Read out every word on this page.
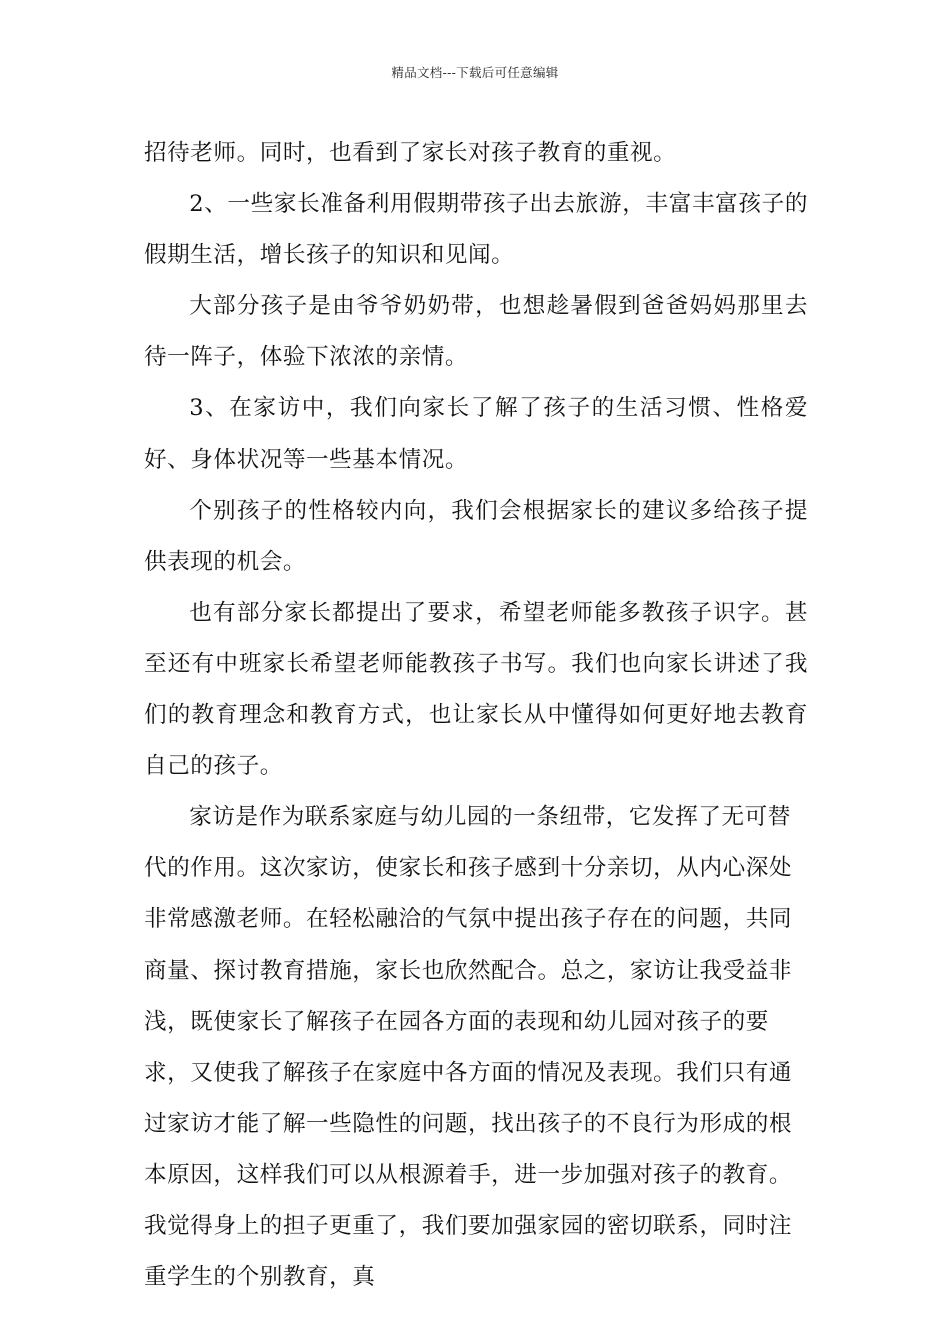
精品文档---下载后可任意编辑

招待老师。同时，也看到了家长对孩子教育的重视。

2、一些家长准备利用假期带孩子出去旅游，丰富丰富孩子的假期生活，增长孩子的知识和见闻。

大部分孩子是由爷爷奶奶带，也想趁暑假到爸爸妈妈那里去待一阵子，体验下浓浓的亲情。

3、在家访中，我们向家长了解了孩子的生活习惯、性格爱好、身体状况等一些基本情况。

个别孩子的性格较内向，我们会根据家长的建议多给孩子提供表现的机会。

也有部分家长都提出了要求，希望老师能多教孩子识字。甚至还有中班家长希望老师能教孩子书写。我们也向家长讲述了我们的教育理念和教育方式，也让家长从中懂得如何更好地去教育自己的孩子。

家访是作为联系家庭与幼儿园的一条纽带，它发挥了无可替代的作用。这次家访，使家长和孩子感到十分亲切，从内心深处非常感激老师。在轻松融洽的气氛中提出孩子存在的问题，共同商量、探讨教育措施，家长也欣然配合。总之，家访让我受益非浅，既使家长了解孩子在园各方面的表现和幼儿园对孩子的要求，又使我了解孩子在家庭中各方面的情况及表现。我们只有通过家访才能了解一些隐性的问题，找出孩子的不良行为形成的根本原因，这样我们可以从根源着手，进一步加强对孩子的教育。我觉得身上的担子更重了，我们要加强家园的密切联系，同时注重学生的个别教育，真
